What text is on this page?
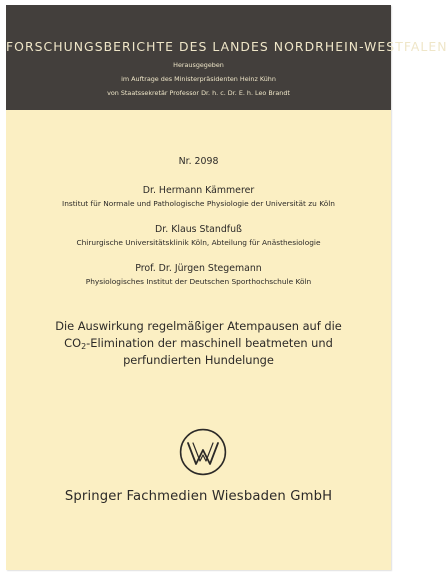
FORSCHUNGSBERICHTE DES LANDES NORDRHEIN-WESTFALEN
Herausgegeben
im Auftrage des Ministerpräsidenten Heinz Kühn
von Staatssekretär Professor Dr. h. c. Dr. E. h. Leo Brandt
Nr. 2098
Dr. Hermann Kämmerer
Institut für Normale und Pathologische Physiologie der Universität zu Köln
Dr. Klaus Standfuß
Chirurgische Universitätsklinik Köln, Abteilung für Anästhesiologie
Prof. Dr. Jürgen Stegemann
Physiologisches Institut der Deutschen Sporthochschule Köln
Die Auswirkung regelmäßiger Atempausen auf die
CO2-Elimination der maschinell beatmeten und
perfundierten Hundelunge
Springer Fachmedien Wiesbaden GmbH
